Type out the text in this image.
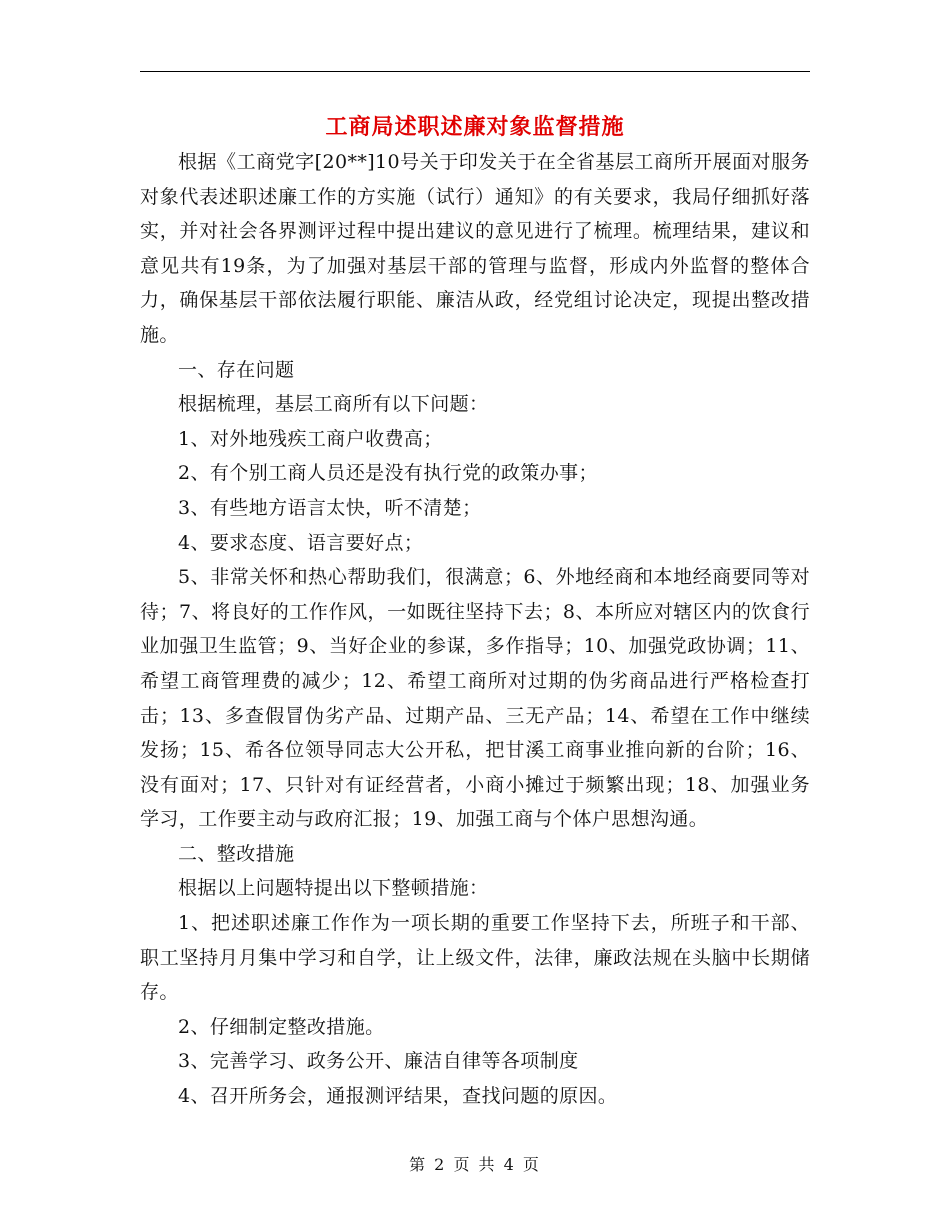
工商局述职述廉对象监督措施

根据《工商党字[20**]10号关于印发关于在全省基层工商所开展面对服务对象代表述职述廉工作的方实施（试行）通知》的有关要求，我局仔细抓好落实，并对社会各界测评过程中提出建议的意见进行了梳理。梳理结果，建议和意见共有19条，为了加强对基层干部的管理与监督，形成内外监督的整体合力，确保基层干部依法履行职能、廉洁从政，经党组讨论决定，现提出整改措施。

一、存在问题

根据梳理，基层工商所有以下问题：

1、对外地残疾工商户收费高；

2、有个别工商人员还是没有执行党的政策办事；

3、有些地方语言太快，听不清楚；

4、要求态度、语言要好点；

5、非常关怀和热心帮助我们，很满意；6、外地经商和本地经商要同等对待；7、将良好的工作作风，一如既往坚持下去；8、本所应对辖区内的饮食行业加强卫生监管；9、当好企业的参谋，多作指导；10、加强党政协调；11、希望工商管理费的减少；12、希望工商所对过期的伪劣商品进行严格检查打击；13、多查假冒伪劣产品、过期产品、三无产品；14、希望在工作中继续发扬；15、希各位领导同志大公开私，把甘溪工商事业推向新的台阶；16、没有面对；17、只针对有证经营者，小商小摊过于频繁出现；18、加强业务学习，工作要主动与政府汇报；19、加强工商与个体户思想沟通。

二、整改措施

根据以上问题特提出以下整顿措施：

1、把述职述廉工作作为一项长期的重要工作坚持下去，所班子和干部、职工坚持月月集中学习和自学，让上级文件，法律，廉政法规在头脑中长期储存。

2、仔细制定整改措施。

3、完善学习、政务公开、廉洁自律等各项制度

4、召开所务会，通报测评结果，查找问题的原因。

第 2 页 共 4 页
